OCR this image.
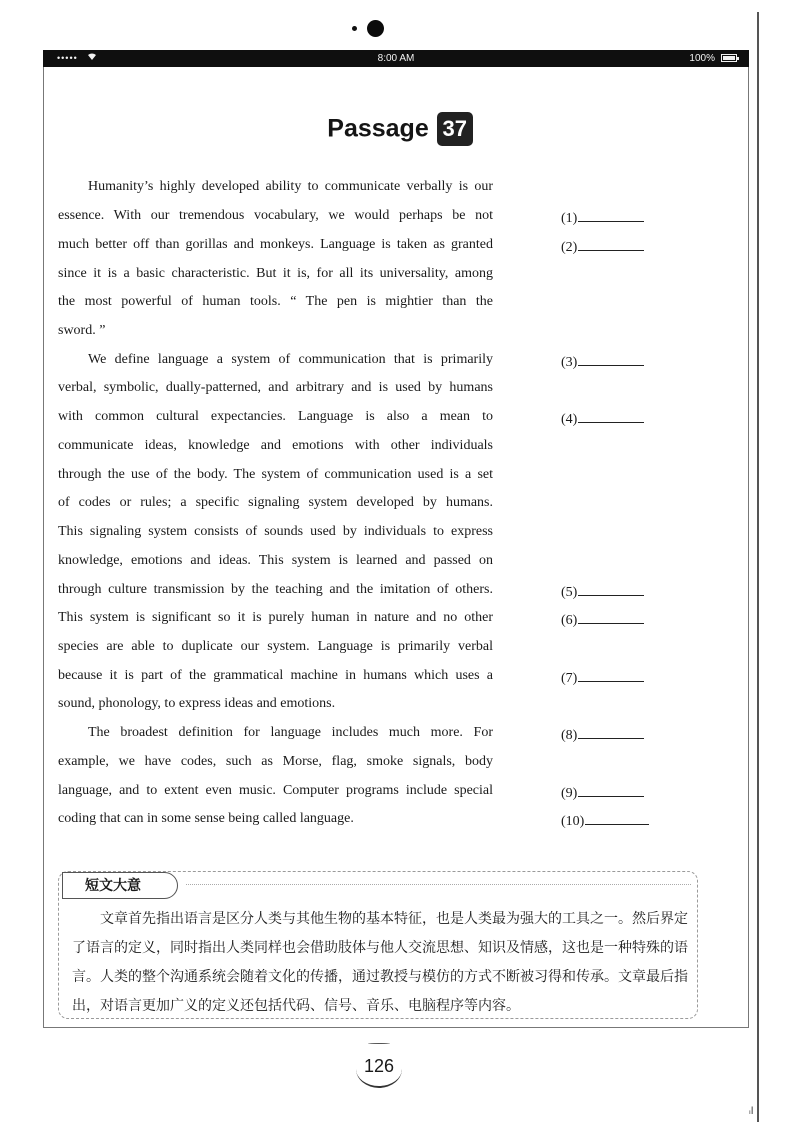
•••••	8:00 AM	100%
Passage 37
Humanity’s highly developed ability to communicate verbally is our
essence. With our tremendous vocabulary, we would perhaps be not
much better off than gorillas and monkeys. Language is taken as granted
since it is a basic characteristic. But it is, for all its universality, among
the most powerful of human tools. “ The pen is mightier than the
sword. ”
We define language a system of communication that is primarily
verbal, symbolic, dually-patterned, and arbitrary and is used by humans
with common cultural expectancies. Language is also a mean to
communicate ideas, knowledge and emotions with other individuals
through the use of the body. The system of communication used is a set
of codes or rules; a specific signaling system developed by humans.
This signaling system consists of sounds used by individuals to express
knowledge, emotions and ideas. This system is learned and passed on
through culture transmission by the teaching and the imitation of others.
This system is significant so it is purely human in nature and no other
species are able to duplicate our system. Language is primarily verbal
because it is part of the grammatical machine in humans which uses a
sound, phonology, to express ideas and emotions.
The broadest definition for language includes much more. For
example, we have codes, such as Morse, flag, smoke signals, body
language, and to extent even music. Computer programs include special
coding that can in some sense being called language.
(1)
(2)
(3)
(4)
(5)
(6)
(7)
(8)
(9)
(10)
短文大意
文章首先指出语言是区分人类与其他生物的基本特征，也是人类最为强大的工具之一。然后界定了语言的定义，同时指出人类同样也会借助肢体与他人交流思想、知识及情感，这也是一种特殊的语言。人类的整个沟通系统会随着文化的传播，通过教授与模仿的方式不断被习得和传承。文章最后指出，对语言更加广义的定义还包括代码、信号、音乐、电脑程序等内容。
126
ᵢl
